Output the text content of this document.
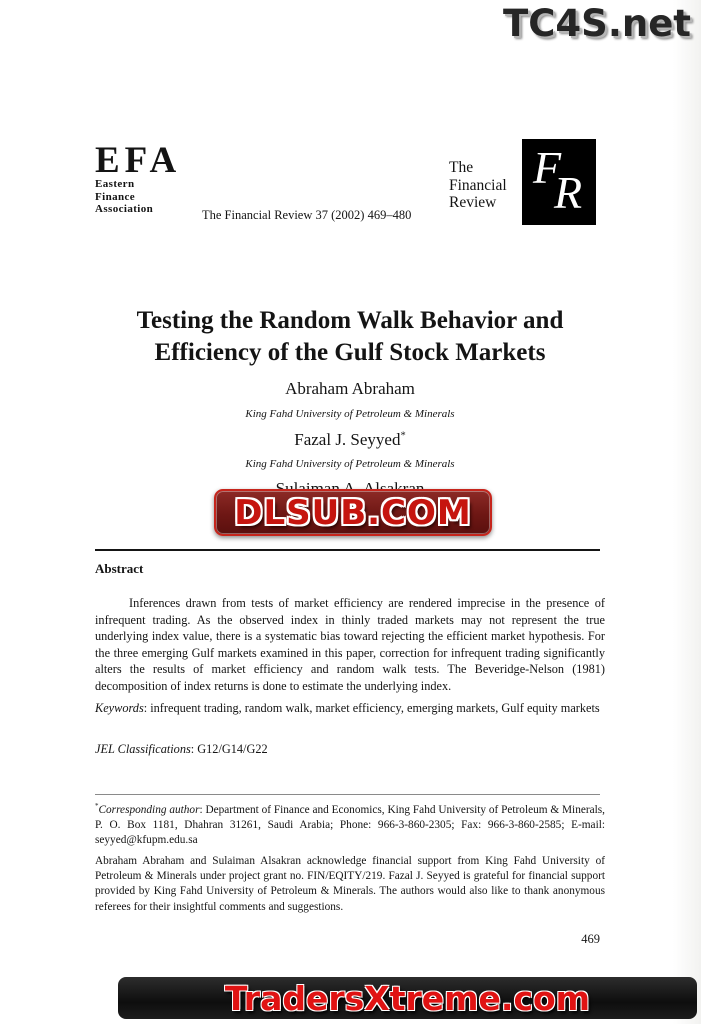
TC4S.net
EFA
Eastern
Finance
Association	The Financial Review 37 (2002) 469–480
The
Financial
Review
F
R
Testing the Random Walk Behavior and
Efficiency of the Gulf Stock Markets
Abraham Abraham
King Fahd University of Petroleum & Minerals
Fazal J. Seyyed*
King Fahd University of Petroleum & Minerals
DLSUB.COM
Abstract
Inferences drawn from tests of market efficiency are rendered imprecise in the presence of infrequent trading. As the observed index in thinly traded markets may not represent the true underlying index value, there is a systematic bias toward rejecting the efficient market hypothesis. For the three emerging Gulf markets examined in this paper, correction for infrequent trading significantly alters the results of market efficiency and random walk tests. The Beveridge-Nelson (1981) decomposition of index returns is done to estimate the underlying index.
Keywords: infrequent trading, random walk, market efficiency, emerging markets, Gulf equity markets
JEL Classifications: G12/G14/G22
*Corresponding author: Department of Finance and Economics, King Fahd University of Petroleum & Minerals, P. O. Box 1181, Dhahran 31261, Saudi Arabia; Phone: 966-3-860-2305; Fax: 966-3-860-2585; E-mail: seyyed@kfupm.edu.sa
Abraham Abraham and Sulaiman Alsakran acknowledge financial support from King Fahd University of Petroleum & Minerals under project grant no. FIN/EQITY/219. Fazal J. Seyyed is grateful for financial support provided by King Fahd University of Petroleum & Minerals. The authors would also like to thank anonymous referees for their insightful comments and suggestions.
469
TradersXtreme.com
